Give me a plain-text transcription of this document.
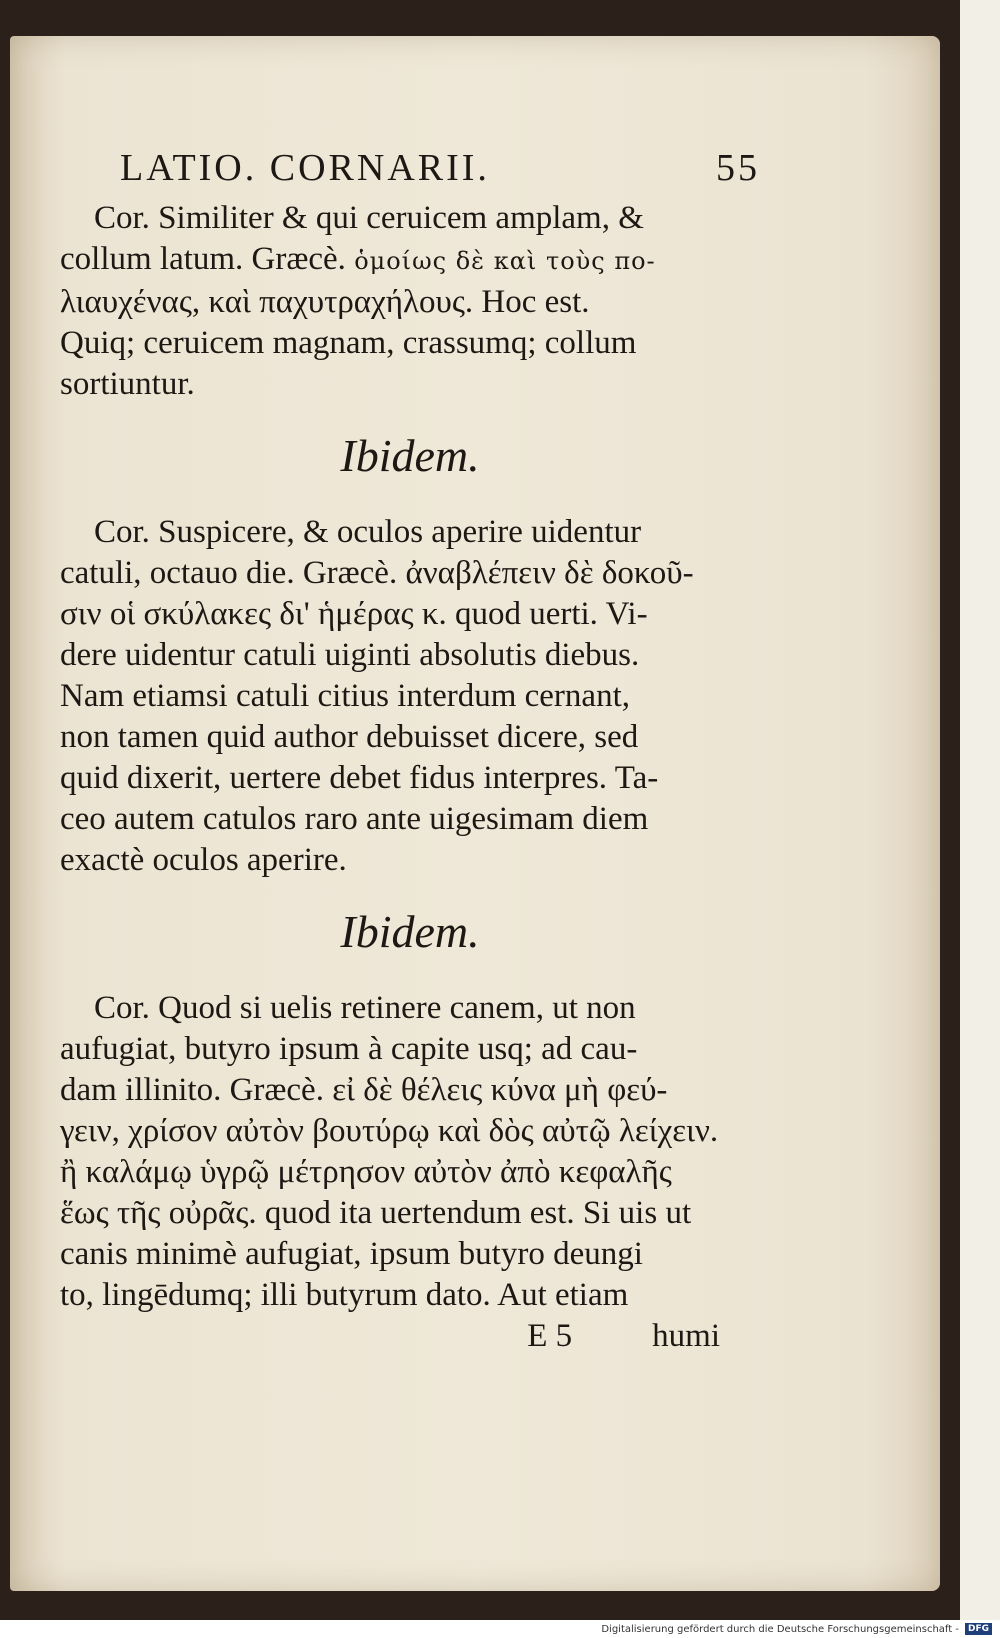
LATIO. CORNARII.	55
Cor. Similiter & qui ceruicem amplam, &
collum latum. Græcè. ὁμοίως δὲ καὶ τοὺς πο-
λιαυχένας, καὶ παχυτραχήλους. Hoc est.
Quiq; ceruicem magnam, crassumq; collum
sortiuntur.
Ibidem.
Cor. Suspicere, & oculos aperire uidentur
catuli, octauo die. Græcè. ἀναβλέπειν δὲ δοκοῦ-
σιν οἱ σκύλακες δι' ἡμέρας κ. quod uerti. Vi-
dere uidentur catuli uiginti absolutis diebus.
Nam etiamsi catuli citius interdum cernant,
non tamen quid author debuisset dicere, sed
quid dixerit, uertere debet fidus interpres. Ta-
ceo autem catulos raro ante uigesimam diem
exactè oculos aperire.
Ibidem.
Cor. Quod si uelis retinere canem, ut non
aufugiat, butyro ipsum à capite usq; ad cau-
dam illinito. Græcè. εἰ δὲ θέλεις κύνα μὴ φεύ-
γειν, χρίσον αὐτὸν βουτύρῳ καὶ δὸς αὐτῷ λείχειν.
ἢ καλάμῳ ὑγρῷ μέτρησον αὐτὸν ἀπὸ κεφαλῆς
ἕως τῆς οὐρᾶς. quod ita uertendum est. Si uis ut
canis minimè aufugiat, ipsum butyro deungi
to, lingēdumq; illi butyrum dato. Aut etiam
E 5 humi
Digitalisierung gefördert durch die Deutsche Forschungsgemeinschaft -	DFG
